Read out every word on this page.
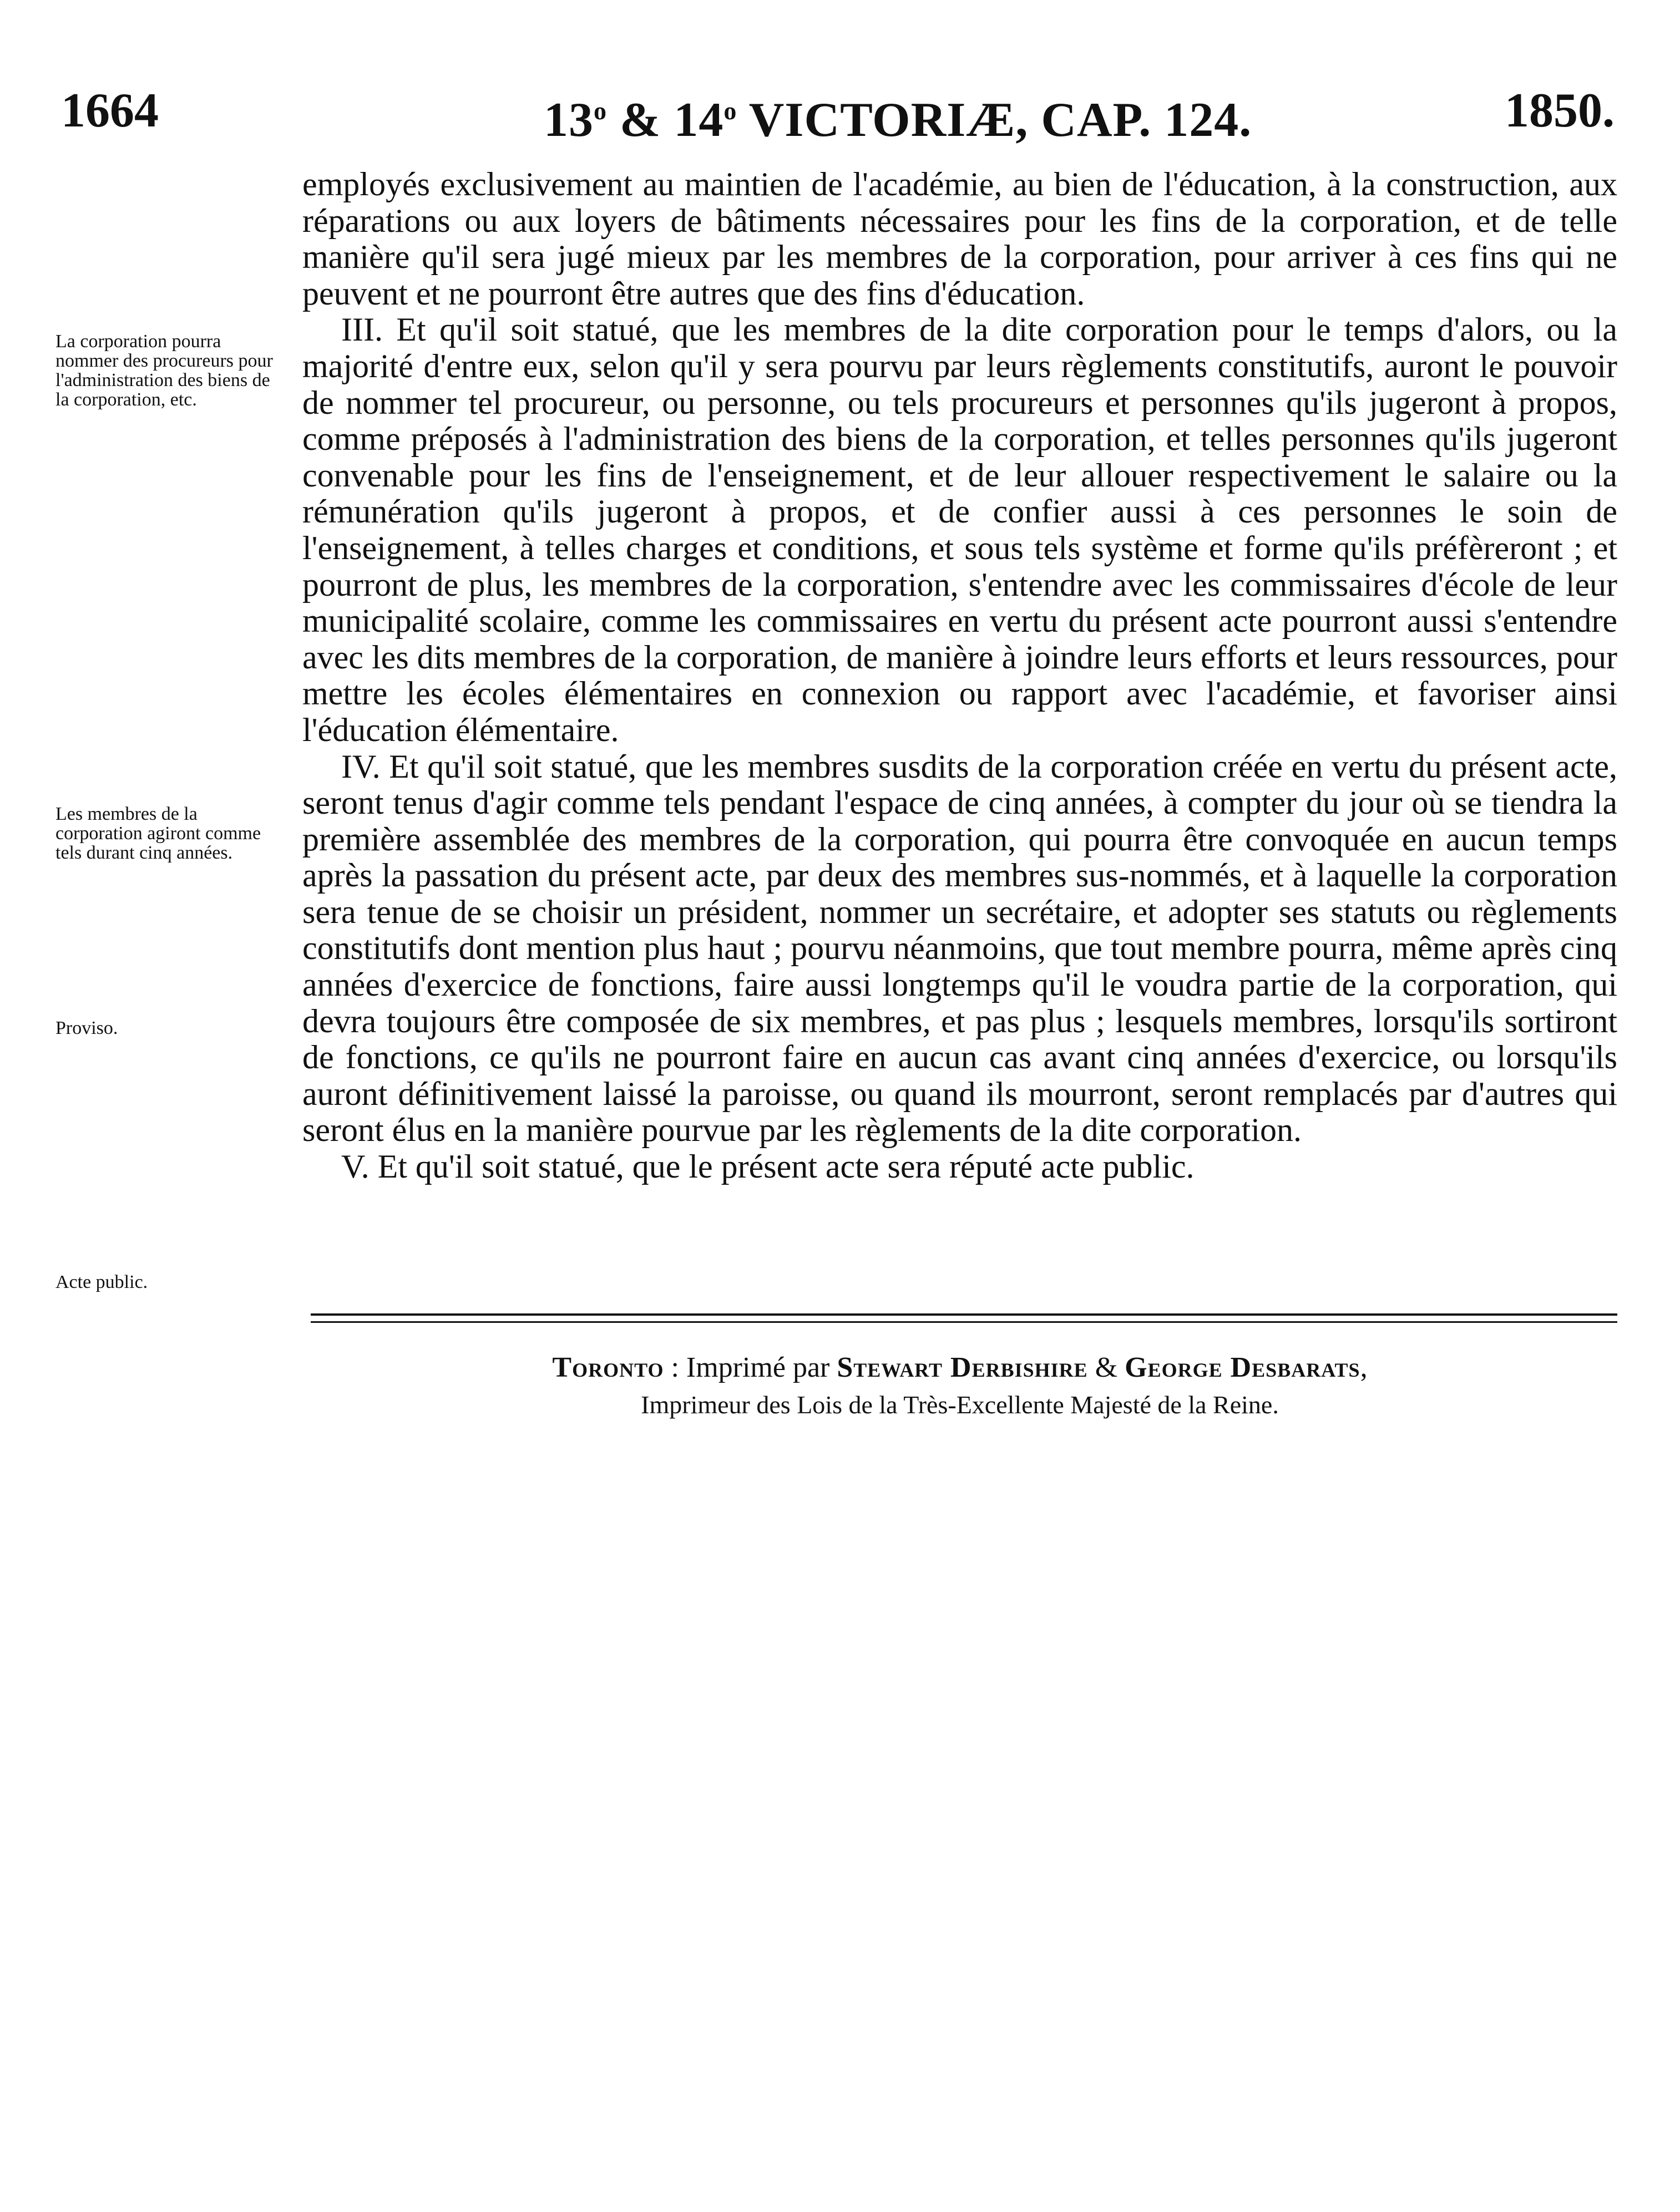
1664	13$^o$ & 14$^o$ VICTORIÆ, CAP. 124.	1850.
La corporation pourra nommer des procureurs pour l'administration des biens de la corporation, etc.
Les membres de la corporation agiront comme tels durant cinq années.
Proviso.
Acte public.

employés exclusivement au maintien de l'académie, au bien de l'éducation, à la construction, aux réparations ou aux loyers de bâtiments nécessaires pour les fins de la corporation, et de telle manière qu'il sera jugé mieux par les membres de la corporation, pour arriver à ces fins qui ne peuvent et ne pourront être autres que des fins d'éducation.

III. Et qu'il soit statué, que les membres de la dite corporation pour le temps d'alors, ou la majorité d'entre eux, selon qu'il y sera pourvu par leurs règlements constitutifs, auront le pouvoir de nommer tel procureur, ou personne, ou tels procureurs et personnes qu'ils jugeront à propos, comme préposés à l'administration des biens de la corporation, et telles personnes qu'ils jugeront convenable pour les fins de l'enseignement, et de leur allouer respectivement le salaire ou la rémunération qu'ils jugeront à propos, et de confier aussi à ces personnes le soin de l'enseignement, à telles charges et conditions, et sous tels système et forme qu'ils préfèreront ; et pourront de plus, les membres de la corporation, s'entendre avec les commissaires d'école de leur municipalité scolaire, comme les commissaires en vertu du présent acte pourront aussi s'entendre avec les dits membres de la corporation, de manière à joindre leurs efforts et leurs ressources, pour mettre les écoles élémentaires en connexion ou rapport avec l'académie, et favoriser ainsi l'éducation élémentaire.

IV. Et qu'il soit statué, que les membres susdits de la corporation créée en vertu du présent acte, seront tenus d'agir comme tels pendant l'espace de cinq années, à compter du jour où se tiendra la première assemblée des membres de la corporation, qui pourra être convoquée en aucun temps après la passation du présent acte, par deux des membres sus-nommés, et à laquelle la corporation sera tenue de se choisir un président, nommer un secrétaire, et adopter ses statuts ou règlements constitutifs dont mention plus haut ; pourvu néanmoins, que tout membre pourra, même après cinq années d'exercice de fonctions, faire aussi longtemps qu'il le voudra partie de la corporation, qui devra toujours être composée de six membres, et pas plus ; lesquels membres, lorsqu'ils sortiront de fonctions, ce qu'ils ne pourront faire en aucun cas avant cinq années d'exercice, ou lorsqu'ils auront définitivement laissé la paroisse, ou quand ils mourront, seront remplacés par d'autres qui seront élus en la manière pourvue par les règlements de la dite corporation.

V. Et qu'il soit statué, que le présent acte sera réputé acte public.

Toronto : Imprimé par Stewart Derbishire & George Desbarats,
Imprimeur des Lois de la Très-Excellente Majesté de la Reine.
